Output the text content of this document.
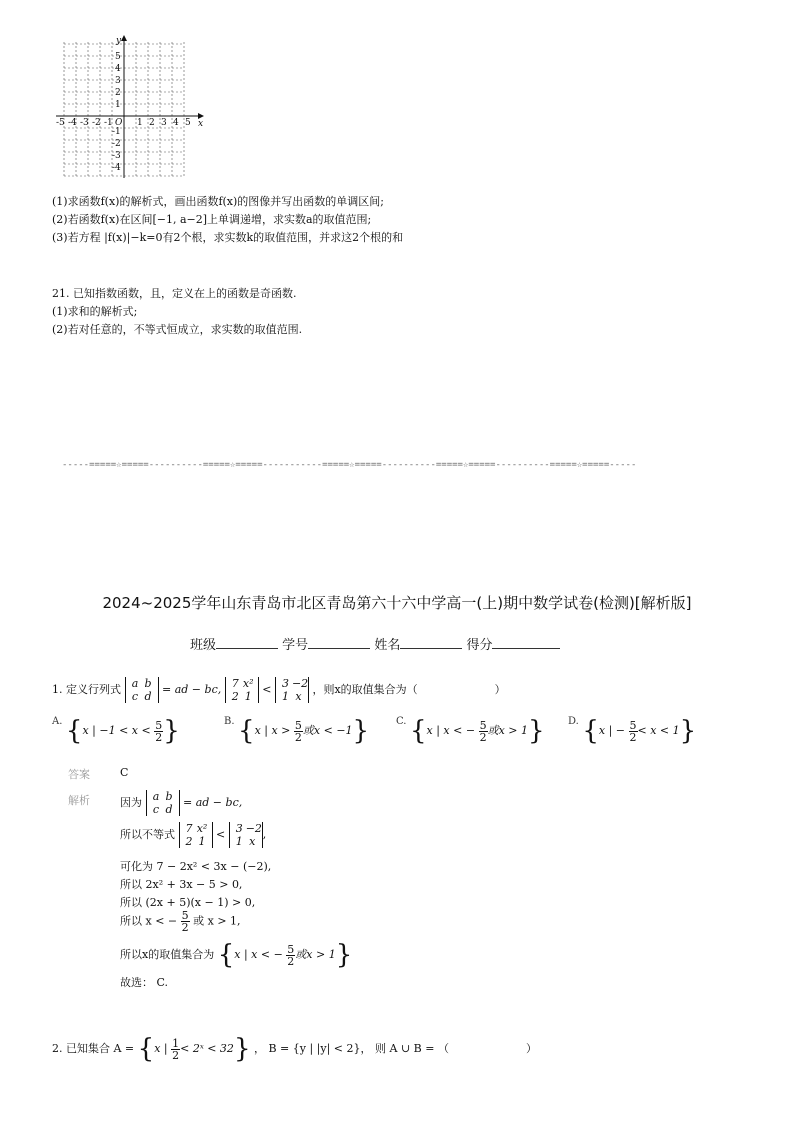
y
x
O
-5 -4 -3 -2 -1	1 2 3 4 5
5
4
3
2
1
-1
-2
-3
-4
(1)求函数f(x)的解析式，画出函数f(x)的图像并写出函数的单调区间;
(2)若函数f(x)在区间[−1, a−2]上单调递增，求实数a的取值范围;
(3)若方程 |f(x)|−k=0有2个根，求实数k的取值范围，并求这2个根的和
21. 已知指数函数，且，定义在上的函数是奇函数.
(1)求和的解析式;
(2)若对任意的，不等式恒成立，求实数的取值范围.
-----=====☆=====----------=====☆=====-----------=====☆=====----------=====☆=====----------=====☆=====-----
2024~2025学年山东青岛市北区青岛第六十六中学高一(上)期中数学试卷(检测)[解析版]
班级	学号	姓名	得分
1. 定义行列式 a b
c d = ad − bc, 7 x²
2 1 < 3 −2
1 x ，则x的取值集合为（	）
A. {x | $-1 < x < \frac{5}{2}$ }	B. {x | $x > \frac{5}{2}$ 或x < −1}	C. {x | x < − $\frac{5}{2}$ 或x > 1} D. {x | − $\frac{5}{2} < x < 1$}
答案	C
解析	因为 a b
c d = ad − bc,
所以不等式 7 x²
2 1 < 3 −2
1 x,
可化为 7 − 2x² < 3x − (−2),
所以 2x² + 3x − 5 > 0,
所以 (2x + 5)(x − 1) > 0,
所以 x < − $\frac{5}{2}$ 或 x > 1,
所以x的取值集合为 {x | x < − $\frac{5}{2}$ 或x > 1}
故选： C.
2. 已知集合 A = {x | $\frac{1}{2}$ < 2ˣ < 32} ， B = {y | |y| < 2}， 则 A ∪ B = （	）
